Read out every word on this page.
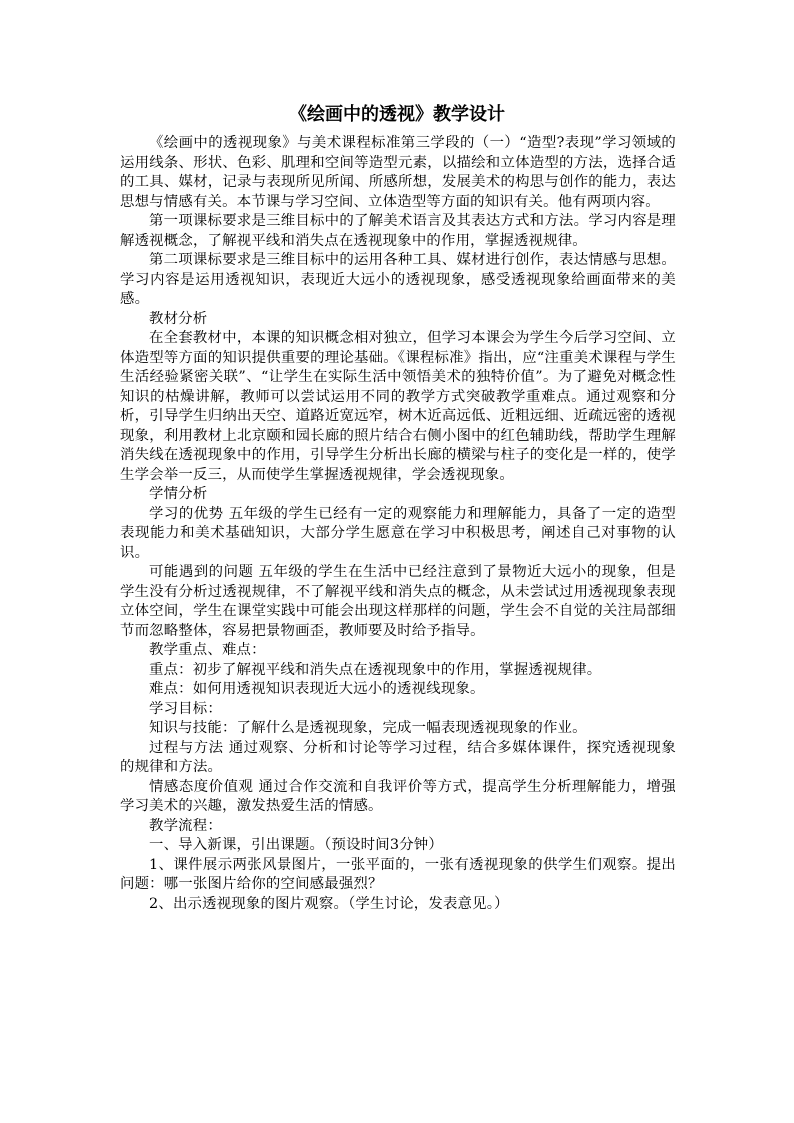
《绘画中的透视》教学设计

《绘画中的透视现象》与美术课程标准第三学段的（一）“造型?表现”学习领域的运用线条、形状、色彩、肌理和空间等造型元素，以描绘和立体造型的方法，选择合适的工具、媒材，记录与表现所见所闻、所感所想，发展美术的构思与创作的能力，表达思想与情感有关。本节课与学习空间、立体造型等方面的知识有关。他有两项内容。

第一项课标要求是三维目标中的了解美术语言及其表达方式和方法。学习内容是理解透视概念，了解视平线和消失点在透视现象中的作用，掌握透视规律。

第二项课标要求是三维目标中的运用各种工具、媒材进行创作，表达情感与思想。学习内容是运用透视知识，表现近大远小的透视现象，感受透视现象给画面带来的美感。

教材分析

在全套教材中，本课的知识概念相对独立，但学习本课会为学生今后学习空间、立体造型等方面的知识提供重要的理论基础。《课程标准》指出，应“注重美术课程与学生生活经验紧密关联”、“让学生在实际生活中领悟美术的独特价值”。为了避免对概念性知识的枯燥讲解，教师可以尝试运用不同的教学方式突破教学重难点。通过观察和分析，引导学生归纳出天空、道路近宽远窄，树木近高远低、近粗远细、近疏远密的透视现象，利用教材上北京颐和园长廊的照片结合右侧小图中的红色辅助线，帮助学生理解消失线在透视现象中的作用，引导学生分析出长廊的横梁与柱子的变化是一样的，使学生学会举一反三，从而使学生掌握透视规律，学会透视现象。

学情分析

学习的优势 五年级的学生已经有一定的观察能力和理解能力，具备了一定的造型表现能力和美术基础知识，大部分学生愿意在学习中积极思考，阐述自己对事物的认识。

可能遇到的问题 五年级的学生在生活中已经注意到了景物近大远小的现象，但是学生没有分析过透视规律，不了解视平线和消失点的概念，从未尝试过用透视现象表现立体空间，学生在课堂实践中可能会出现这样那样的问题，学生会不自觉的关注局部细节而忽略整体，容易把景物画歪，教师要及时给予指导。

教学重点、难点：

重点：初步了解视平线和消失点在透视现象中的作用，掌握透视规律。

难点：如何用透视知识表现近大远小的透视线现象。

学习目标：

知识与技能：了解什么是透视现象，完成一幅表现透视现象的作业。

过程与方法 通过观察、分析和讨论等学习过程，结合多媒体课件，探究透视现象的规律和方法。

情感态度价值观 通过合作交流和自我评价等方式，提高学生分析理解能力，增强学习美术的兴趣，激发热爱生活的情感。

教学流程：

一、导入新课，引出课题。（预设时间3分钟）

1、课件展示两张风景图片，一张平面的，一张有透视现象的供学生们观察。提出问题：哪一张图片给你的空间感最强烈？

2、出示透视现象的图片观察。（学生讨论，发表意见。）
